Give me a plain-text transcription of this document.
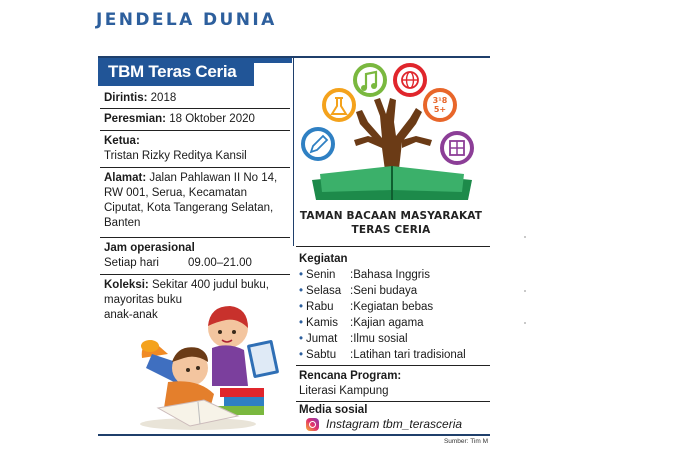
JENDELA DUNIA
TBM Teras Ceria
Dirintis: 2018
Peresmian: 18 Oktober 2020
Ketua:
Tristan Rizky Reditya Kansil
Alamat: Jalan Pahlawan II No 14,
RW 001, Serua, Kecamatan
Ciputat, Kota Tangerang Selatan,
Banten
Jam operasional
Setiap hari	09.00–21.00
Koleksi: Sekitar 400 judul buku,
mayoritas buku
anak-anak
3¹8
5+
TAMAN BACAAN MASYARAKAT
TERAS CERIA
Kegiatan
• Senin :Bahasa Inggris
• Selasa :Seni budaya
• Rabu :Kegiatan bebas
• Kamis :Kajian agama
• Jumat :Ilmu sosial
• Sabtu :Latihan tari tradisional
Rencana Program:
Literasi Kampung
Media sosial
Instagram tbm_terasceria
Sumber: Tim M
